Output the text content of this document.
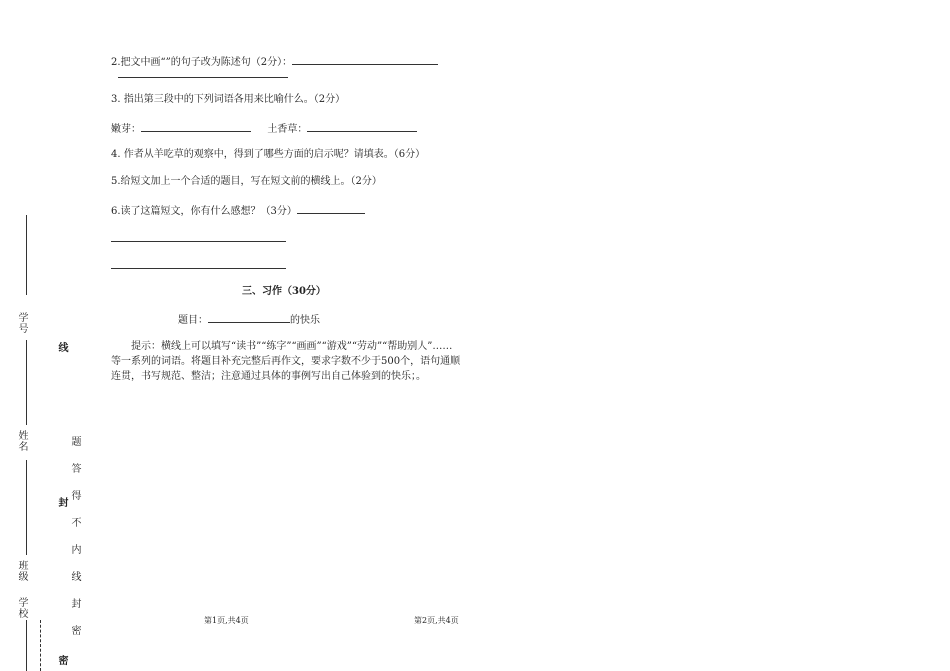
学号
姓名
班级
学校
线
封
密
题答得不内线封密
2.把文中画“”的句子改为陈述句（2分）：
3. 指出第三段中的下列词语各用来比喻什么。（2分）
嫩芽：	土香草：
4. 作者从羊吃草的观察中，得到了哪些方面的启示呢？请填表。（6分）
5.给短文加上一个合适的题目，写在短文前的横线上。（2分）
6.读了这篇短文，你有什么感想？（3分）
三、习作（30分）
题目：	的快乐
提示：横线上可以填写“读书”“练字”“画画”“游戏”“劳动”“帮助别人”……等一系列的词语。将题目补充完整后再作文，要求字数不少于500个，语句通顺连贯，书写规范、整洁；注意通过具体的事例写出自己体验到的快乐；。
第1页,共4页	第2页,共4页
